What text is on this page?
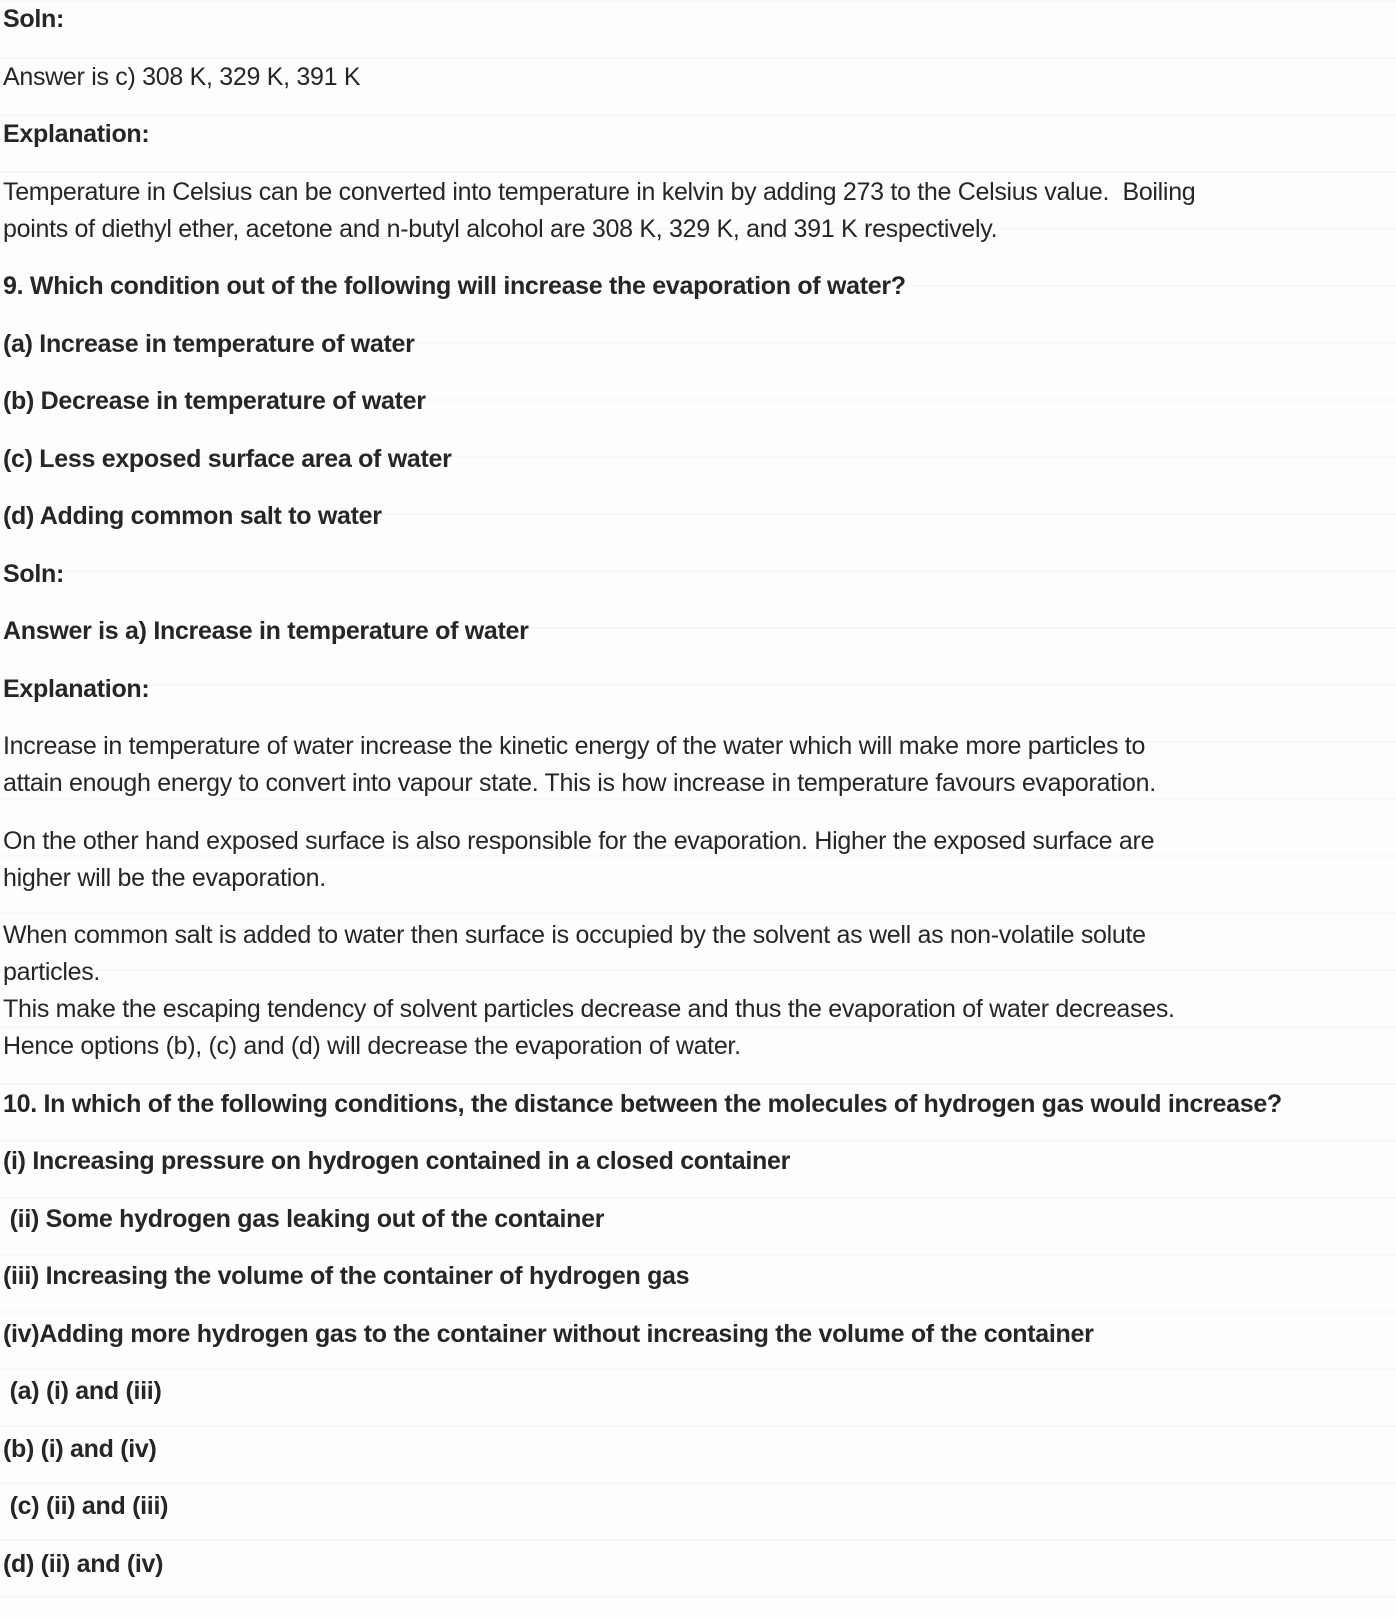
Soln:
Answer is c) 308 K, 329 K, 391 K
Explanation:
Temperature in Celsius can be converted into temperature in kelvin by adding 273 to the Celsius value.  Boiling
points of diethyl ether, acetone and n-butyl alcohol are 308 K, 329 K, and 391 K respectively.
9. Which condition out of the following will increase the evaporation of water?
(a) Increase in temperature of water
(b) Decrease in temperature of water
(c) Less exposed surface area of water
(d) Adding common salt to water
Soln:
Answer is a) Increase in temperature of water
Explanation:
Increase in temperature of water increase the kinetic energy of the water which will make more particles to
attain enough energy to convert into vapour state. This is how increase in temperature favours evaporation.
On the other hand exposed surface is also responsible for the evaporation. Higher the exposed surface are
higher will be the evaporation.
When common salt is added to water then surface is occupied by the solvent as well as non-volatile solute
particles.
This make the escaping tendency of solvent particles decrease and thus the evaporation of water decreases.
Hence options (b), (c) and (d) will decrease the evaporation of water.
10. In which of the following conditions, the distance between the molecules of hydrogen gas would increase?
(i) Increasing pressure on hydrogen contained in a closed container
(ii) Some hydrogen gas leaking out of the container
(iii) Increasing the volume of the container of hydrogen gas
(iv)Adding more hydrogen gas to the container without increasing the volume of the container
(a) (i) and (iii)
(b) (i) and (iv)
(c) (ii) and (iii)
(d) (ii) and (iv)
